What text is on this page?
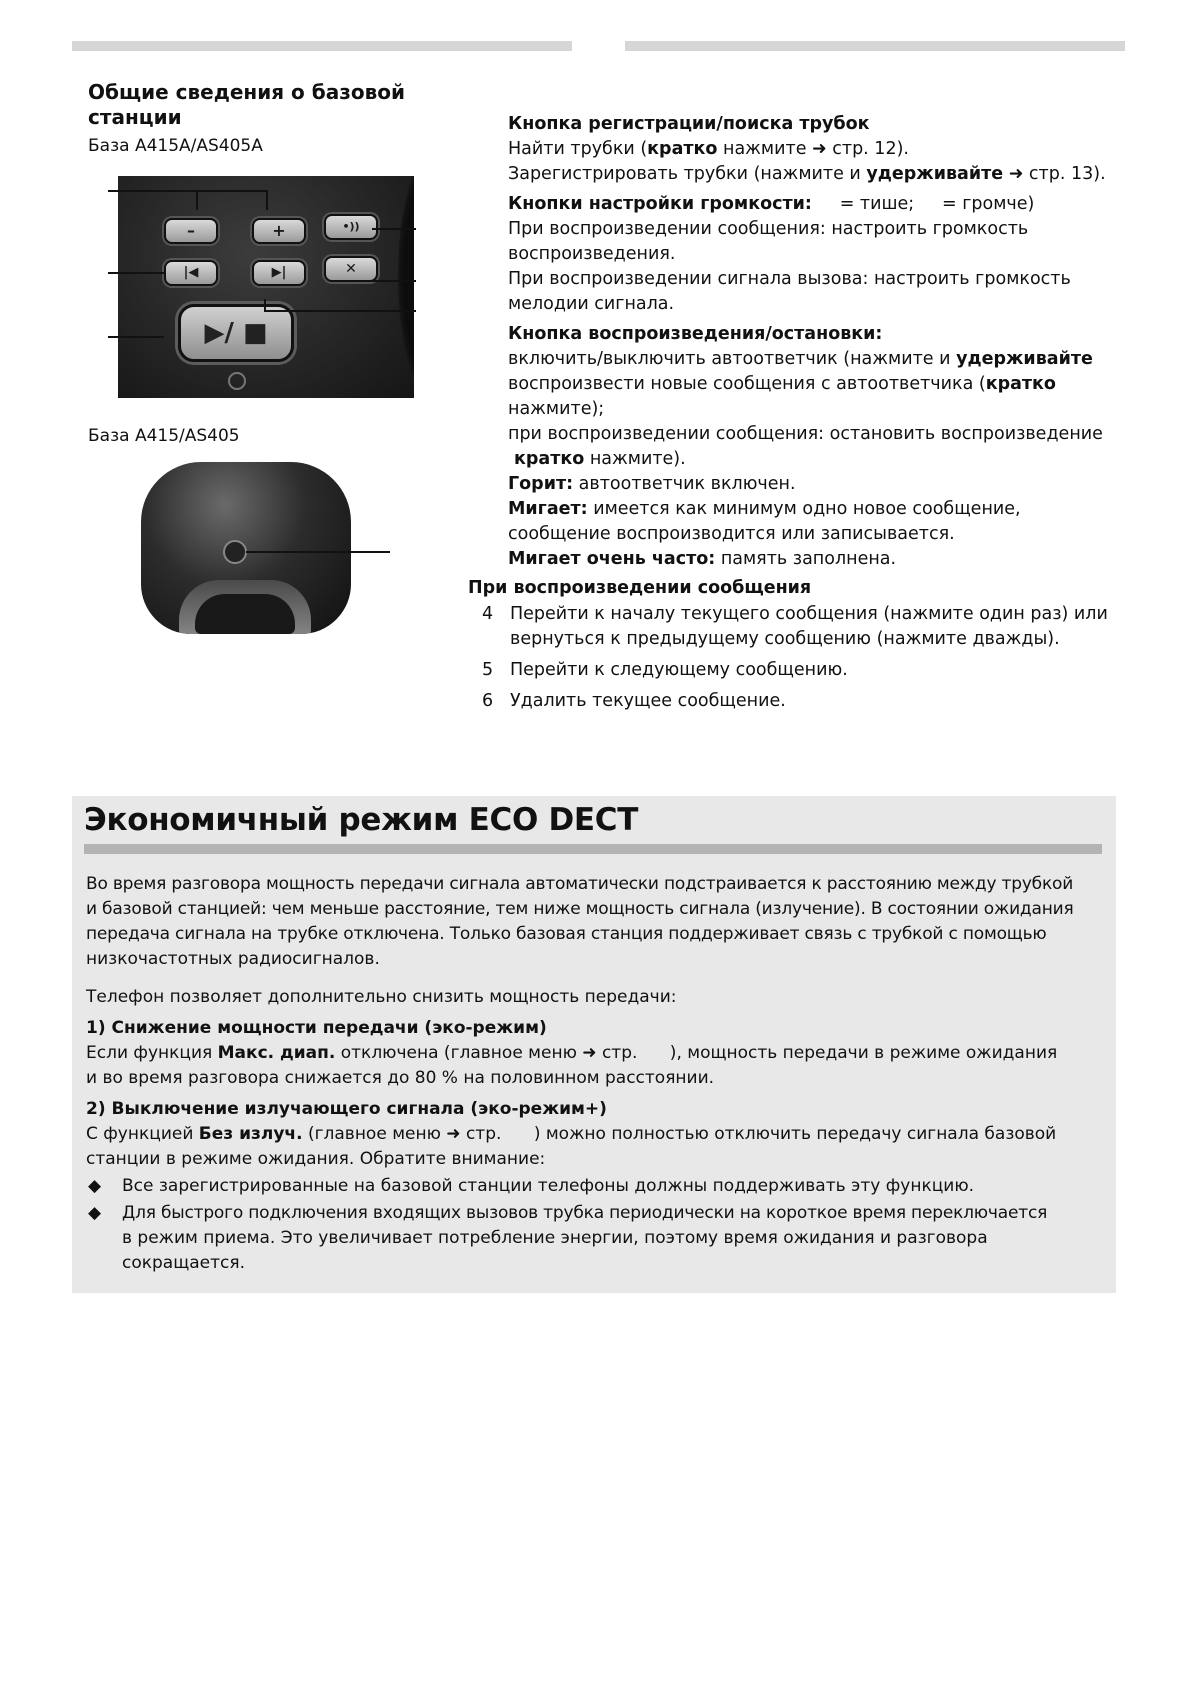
Общие сведения о базовой
станции
База A415A/AS405A
–	+	•))
|◀	▶|	✕
▶/ ■
База A415/AS405
Кнопка регистрации/поиска трубок
Найти трубки (кратко нажмите ➜ стр. 12).
Зарегистрировать трубки (нажмите и удерживайте ➜ стр. 13).
Кнопки настройки громкости:     = тише;     = громче)
При воспроизведении сообщения: настроить громкость
воспроизведения.
При воспроизведении сигнала вызова: настроить громкость
мелодии сигнала.
Кнопка воспроизведения/остановки:
включить/выключить автоответчик (нажмите и удерживайте
воспроизвести новые сообщения с автоответчика (кратко
нажмите);
при воспроизведении сообщения: остановить воспроизведение
кратко нажмите).
Горит: автоответчик включен.
Мигает: имеется как минимум одно новое сообщение,
сообщение воспроизводится или записывается.
Мигает очень часто: память заполнена.
При воспроизведении сообщения
4 Перейти к началу текущего сообщения (нажмите один раз) или
вернуться к предыдущему сообщению (нажмите дважды).
5 Перейти к следующему сообщению.
6 Удалить текущее сообщение.
Экономичный режим ECO DECT

Во время разговора мощность передачи сигнала автоматически подстраивается к расстоянию между трубкой

и базовой станцией: чем меньше расстояние, тем ниже мощность сигнала (излучение). В состоянии ожидания

передача сигнала на трубке отключена. Только базовая станция поддерживает связь с трубкой с помощью

низкочастотных радиосигналов.

Телефон позволяет дополнительно снизить мощность передачи:

1) Снижение мощности передачи (эко-режим)

Если функция Макс. диап. отключена (главное меню ➜ стр.      ), мощность передачи в режиме ожидания

и во время разговора снижается до 80 % на половинном расстоянии.

2) Выключение излучающего сигнала (эко-режим+)

С функцией Без излуч. (главное меню ➜ стр.      ) можно полностью отключить передачу сигнала базовой

станции в режиме ожидания. Обратите внимание:

◆ Все зарегистрированные на базовой станции телефоны должны поддерживать эту функцию.
◆ Для быстрого подключения входящих вызовов трубка периодически на короткое время переключается
в режим приема. Это увеличивает потребление энергии, поэтому время ожидания и разговора
сокращается.
